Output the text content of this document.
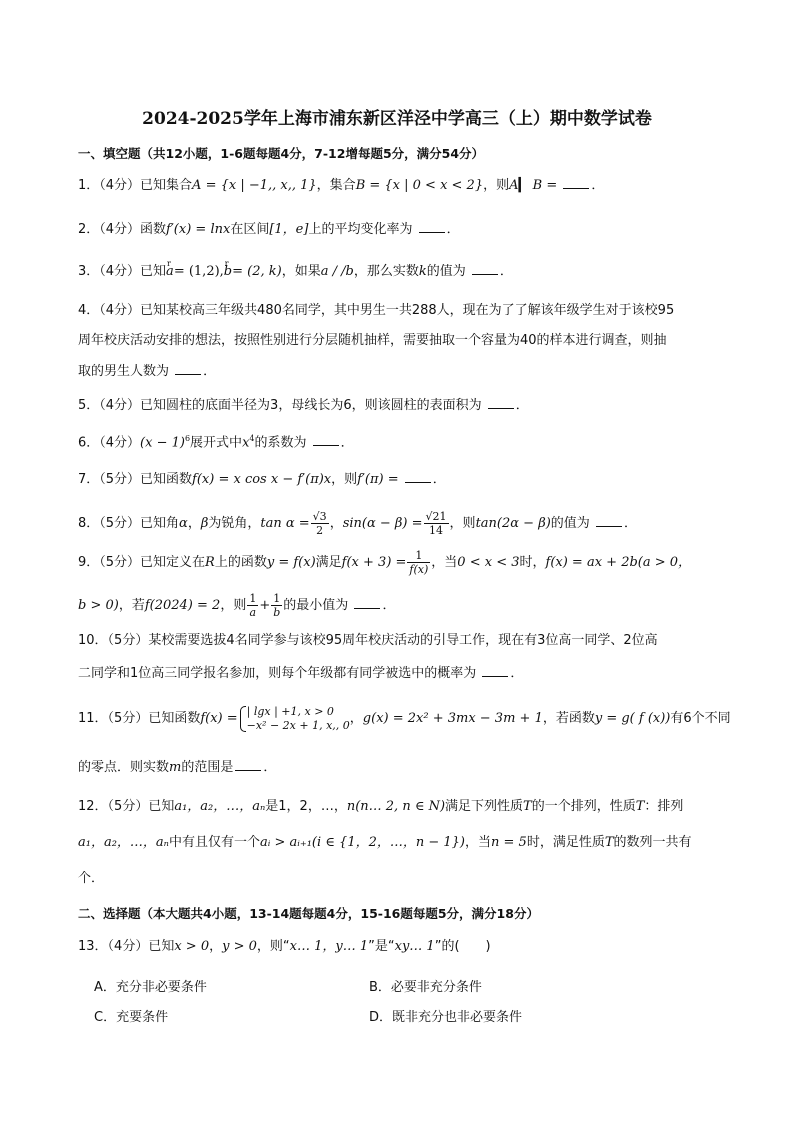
2024-2025学年上海市浦东新区洋泾中学高三（上）期中数学试卷
一、填空题（共12小题，1-6题每题4分，7-12增每题5分，满分54分）
1．（4分）已知集合A = {x | −1,, x,, 1}，集合B = {x | 0 < x < 2}，则A▎ B =	．
2．（4分）函数f′(x) = lnx在区间[1，e]上的平均变化率为	．
3．（4分）已知r a= (1,2),r b= (2, k)，如果a / /b，那么实数k的值为	．
4．（4分）已知某校高三年级共480名同学，其中男生一共288人，现在为了了解该年级学生对于该校95
周年校庆活动安排的想法，按照性别进行分层随机抽样，需要抽取一个容量为40的样本进行调查，则抽
取的男生人数为	．
5．（4分）已知圆柱的底面半径为3，母线长为6，则该圆柱的表面积为	．
6．（4分）$(x - 1)^6$展开式中$x^4$的系数为	．
7．（5分）已知函数f(x) = x cos x − f′(π)x，则f′(π) =	．
8．（5分）已知角α，β为锐角，$\tan \alpha = \frac{√3}{2}$ ，$\sin(\alpha - \beta) = \frac{√21}{14}$ ，则tan(2α − β)的值为	．
9．（5分）已知定义在R上的函数y = f(x)满足$f(x + 3) = \frac{1}{f(x)}$ ，当0 < x < 3时，f(x) = ax + 2b(a > 0，
b > 0)，若f(2024) = 2，则 $\frac{1}{a} + \frac{1}{b}$ 的最小值为	．
10．（5分）某校需要选拔4名同学参与该校95周年校庆活动的引导工作，现在有3位高一同学、2位高
二同学和1位高三同学报名参加，则每个年级都有同学被选中的概率为	．
11．（5分）已知函数f(x) = | lgx | +1, x > 0
−x² − 2x + 1, x,, 0 ，g(x) = 2x² + 3mx − 3m + 1，若函数y = g( f (x))有6个不同
的零点．则实数m的范围是 ．
12．（5分）已知a₁，a₂，…，aₙ是1，2，…，n(n… 2, n ∈ N)满足下列性质T的一个排列，性质T：排列
a₁，a₂，…，aₙ中有且仅有一个aᵢ > aᵢ₊₁(i ∈ {1，2，…，n − 1})，当n = 5时，满足性质T的数列一共有
个．
二、选择题（本大题共4小题，13-14题每题4分，15-16题每题5分，满分18分）
13．（4分）已知x > 0，y > 0，则“x… 1，y… 1”是“xy… 1”的(　　)
A．充分非必要条件	B．必要非充分条件
C．充要条件	D．既非充分也非必要条件
